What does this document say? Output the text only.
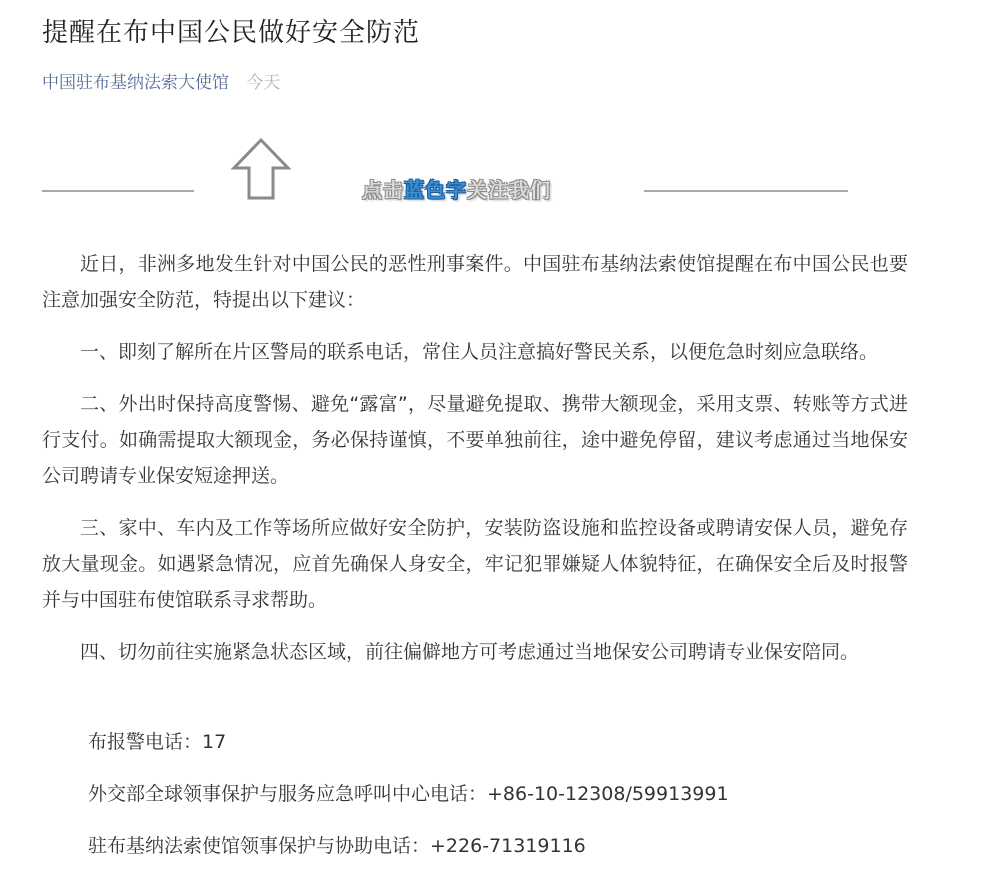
提醒在布中国公民做好安全防范
中国驻布基纳法索大使馆 今天
点击蓝色字关注我们

近日，非洲多地发生针对中国公民的恶性刑事案件。中国驻布基纳法索使馆提醒在布中国公民也要注意加强安全防范，特提出以下建议：

一、即刻了解所在片区警局的联系电话，常住人员注意搞好警民关系，以便危急时刻应急联络。

二、外出时保持高度警惕、避免“露富”，尽量避免提取、携带大额现金，采用支票、转账等方式进行支付。如确需提取大额现金，务必保持谨慎，不要单独前往，途中避免停留，建议考虑通过当地保安公司聘请专业保安短途押送。

三、家中、车内及工作等场所应做好安全防护，安装防盗设施和监控设备或聘请安保人员，避免存放大量现金。如遇紧急情况，应首先确保人身安全，牢记犯罪嫌疑人体貌特征，在确保安全后及时报警并与中国驻布使馆联系寻求帮助。

四、切勿前往实施紧急状态区域，前往偏僻地方可考虑通过当地保安公司聘请专业保安陪同。

布报警电话：17
外交部全球领事保护与服务应急呼叫中心电话：+86-10-12308/59913991
驻布基纳法索使馆领事保护与协助电话：+226-71319116
